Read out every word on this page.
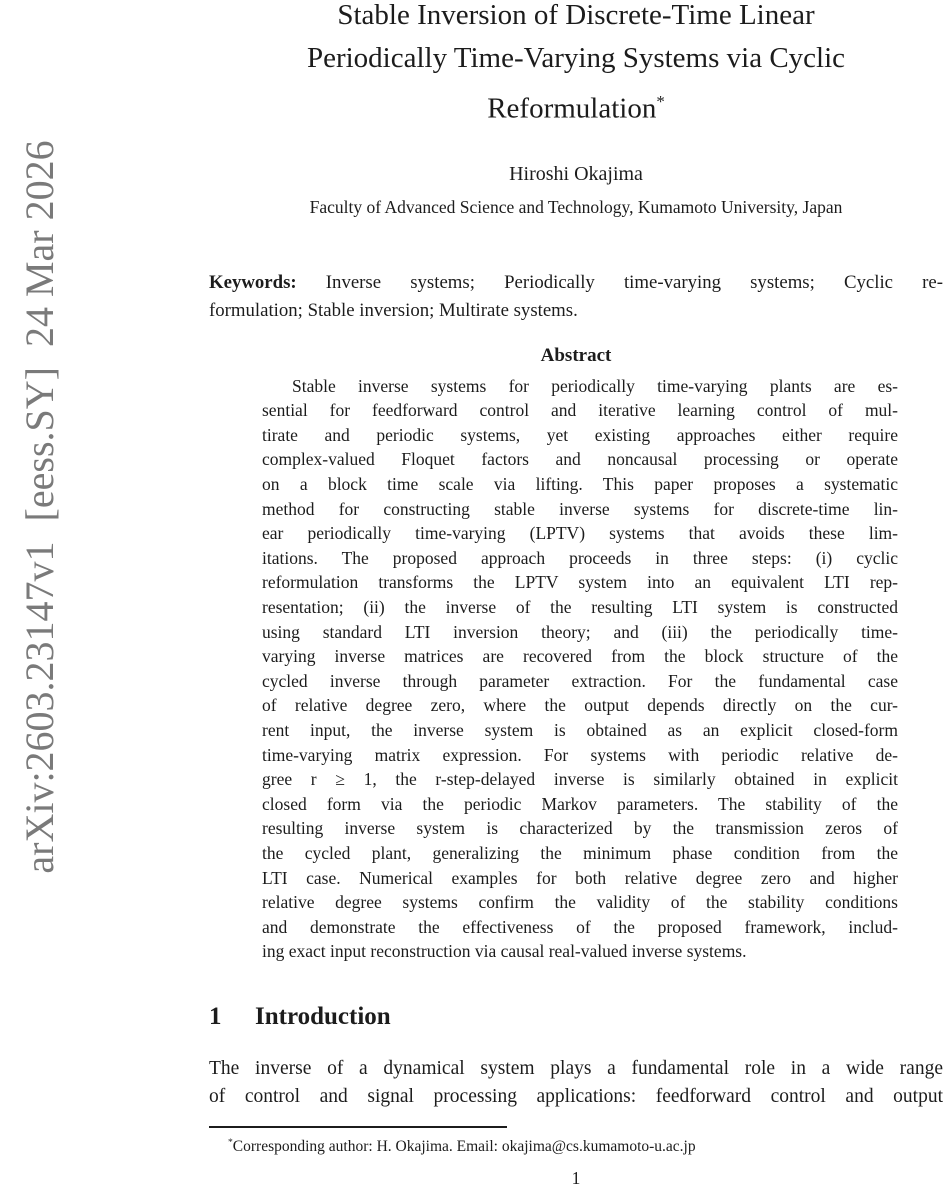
arXiv:2603.23147v1  [eess.SY]  24 Mar 2026
Stable Inversion of Discrete-Time Linear
Periodically Time-Varying Systems via Cyclic
Reformulation*
Hiroshi Okajima
Faculty of Advanced Science and Technology, Kumamoto University, Japan
Keywords: Inverse systems; Periodically time-varying systems; Cyclic re-
formulation; Stable inversion; Multirate systems.
Abstract
Stable inverse systems for periodically time-varying plants are es-
sential for feedforward control and iterative learning control of mul-
tirate and periodic systems, yet existing approaches either require
complex-valued Floquet factors and noncausal processing or operate
on a block time scale via lifting. This paper proposes a systematic
method for constructing stable inverse systems for discrete-time lin-
ear periodically time-varying (LPTV) systems that avoids these lim-
itations. The proposed approach proceeds in three steps: (i) cyclic
reformulation transforms the LPTV system into an equivalent LTI rep-
resentation; (ii) the inverse of the resulting LTI system is constructed
using standard LTI inversion theory; and (iii) the periodically time-
varying inverse matrices are recovered from the block structure of the
cycled inverse through parameter extraction. For the fundamental case
of relative degree zero, where the output depends directly on the cur-
rent input, the inverse system is obtained as an explicit closed-form
time-varying matrix expression. For systems with periodic relative de-
gree r ≥ 1, the r-step-delayed inverse is similarly obtained in explicit
closed form via the periodic Markov parameters. The stability of the
resulting inverse system is characterized by the transmission zeros of
the cycled plant, generalizing the minimum phase condition from the
LTI case. Numerical examples for both relative degree zero and higher
relative degree systems confirm the validity of the stability conditions
and demonstrate the effectiveness of the proposed framework, includ-
ing exact input reconstruction via causal real-valued inverse systems.
1 Introduction
The inverse of a dynamical system plays a fundamental role in a wide range
of control and signal processing applications: feedforward control and output
*Corresponding author: H. Okajima. Email: okajima@cs.kumamoto-u.ac.jp
1
